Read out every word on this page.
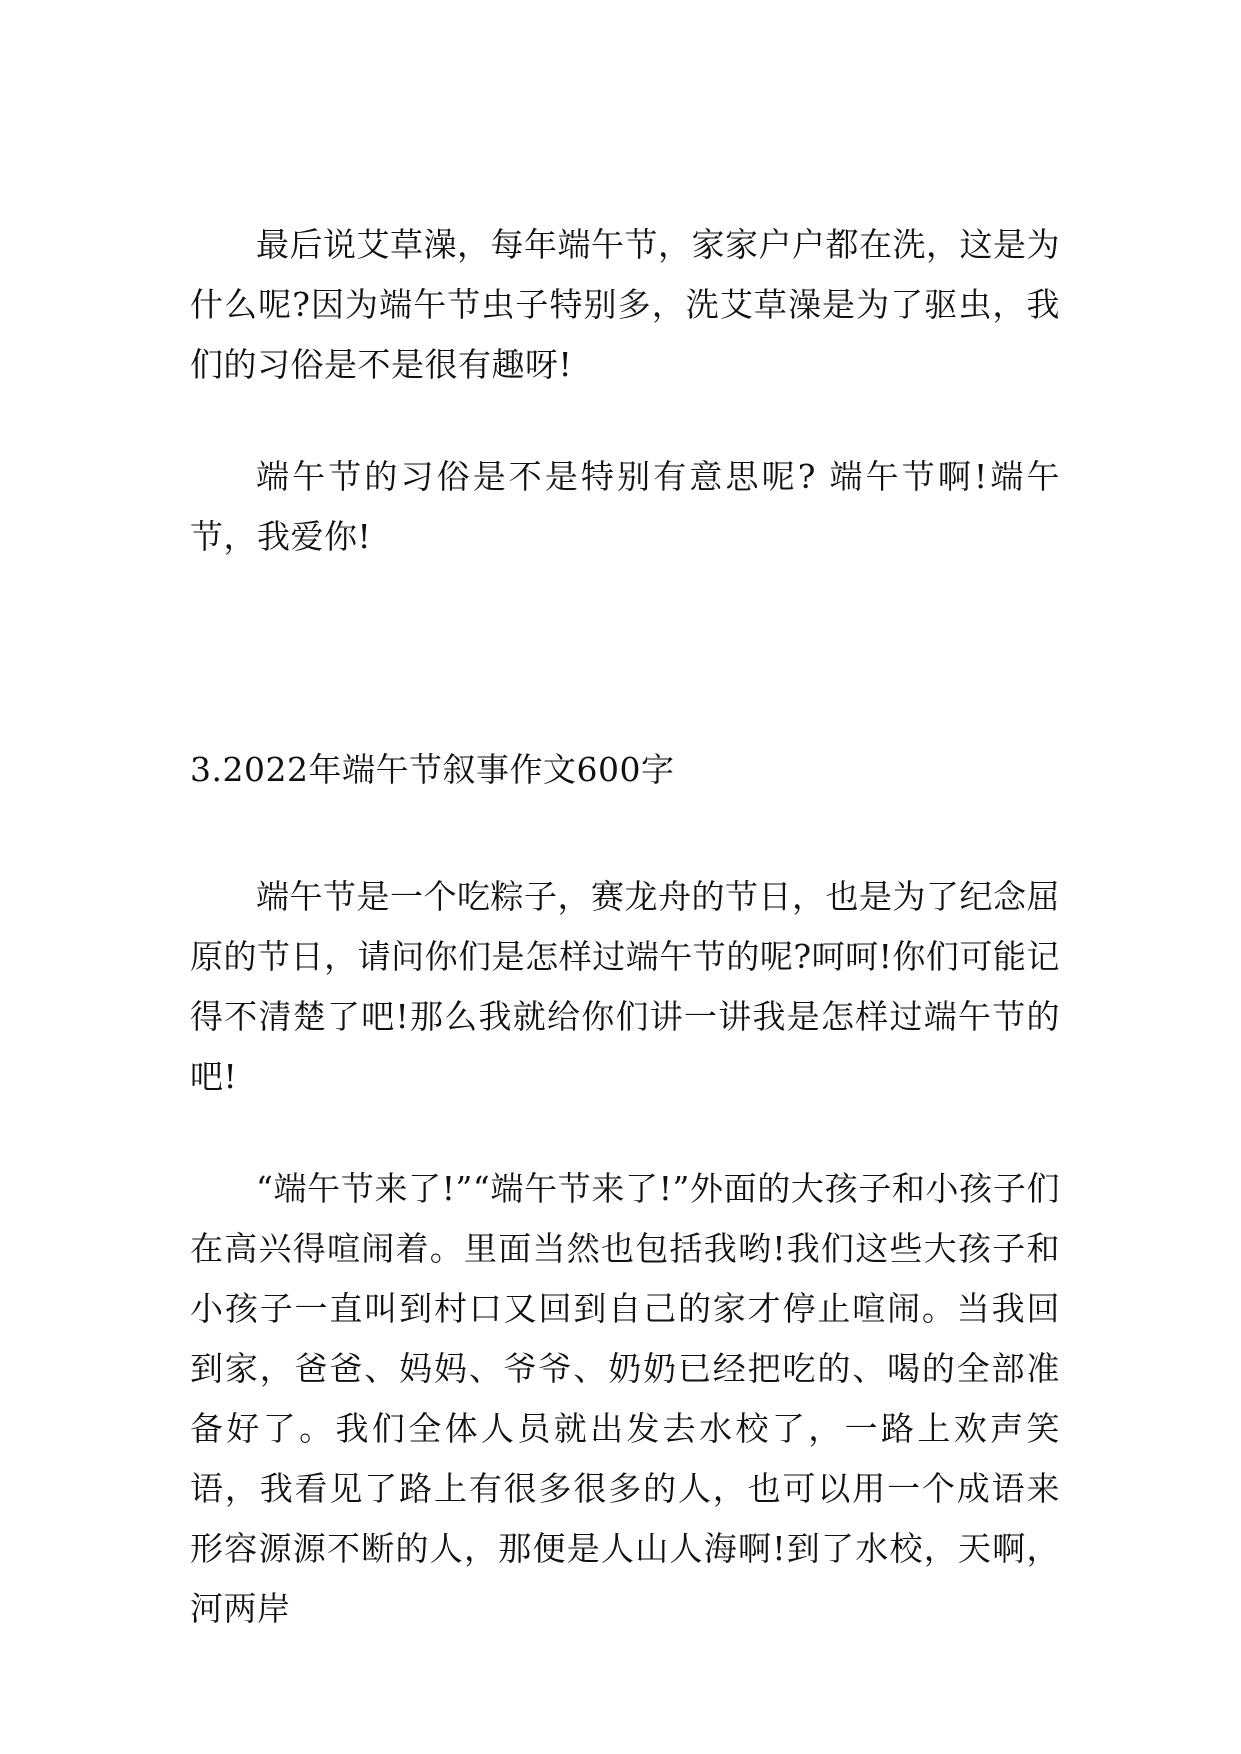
最后说艾草澡，每年端午节，家家户户都在洗，这是为什么呢?因为端午节虫子特别多，洗艾草澡是为了驱虫，我们的习俗是不是很有趣呀!

端午节的习俗是不是特别有意思呢? 端午节啊!端午节，我爱你!

3.2022年端午节叙事作文600字

端午节是一个吃粽子，赛龙舟的节日，也是为了纪念屈原的节日，请问你们是怎样过端午节的呢?呵呵!你们可能记得不清楚了吧!那么我就给你们讲一讲我是怎样过端午节的吧!

“端午节来了!”“端午节来了!”外面的大孩子和小孩子们在高兴得喧闹着。里面当然也包括我哟!我们这些大孩子和小孩子一直叫到村口又回到自己的家才停止喧闹。当我回到家，爸爸、妈妈、爷爷、奶奶已经把吃的、喝的全部准备好了。我们全体人员就出发去水校了，一路上欢声笑语，我看见了路上有很多很多的人，也可以用一个成语来形容源源不断的人，那便是人山人海啊!到了水校，天啊，河两岸
